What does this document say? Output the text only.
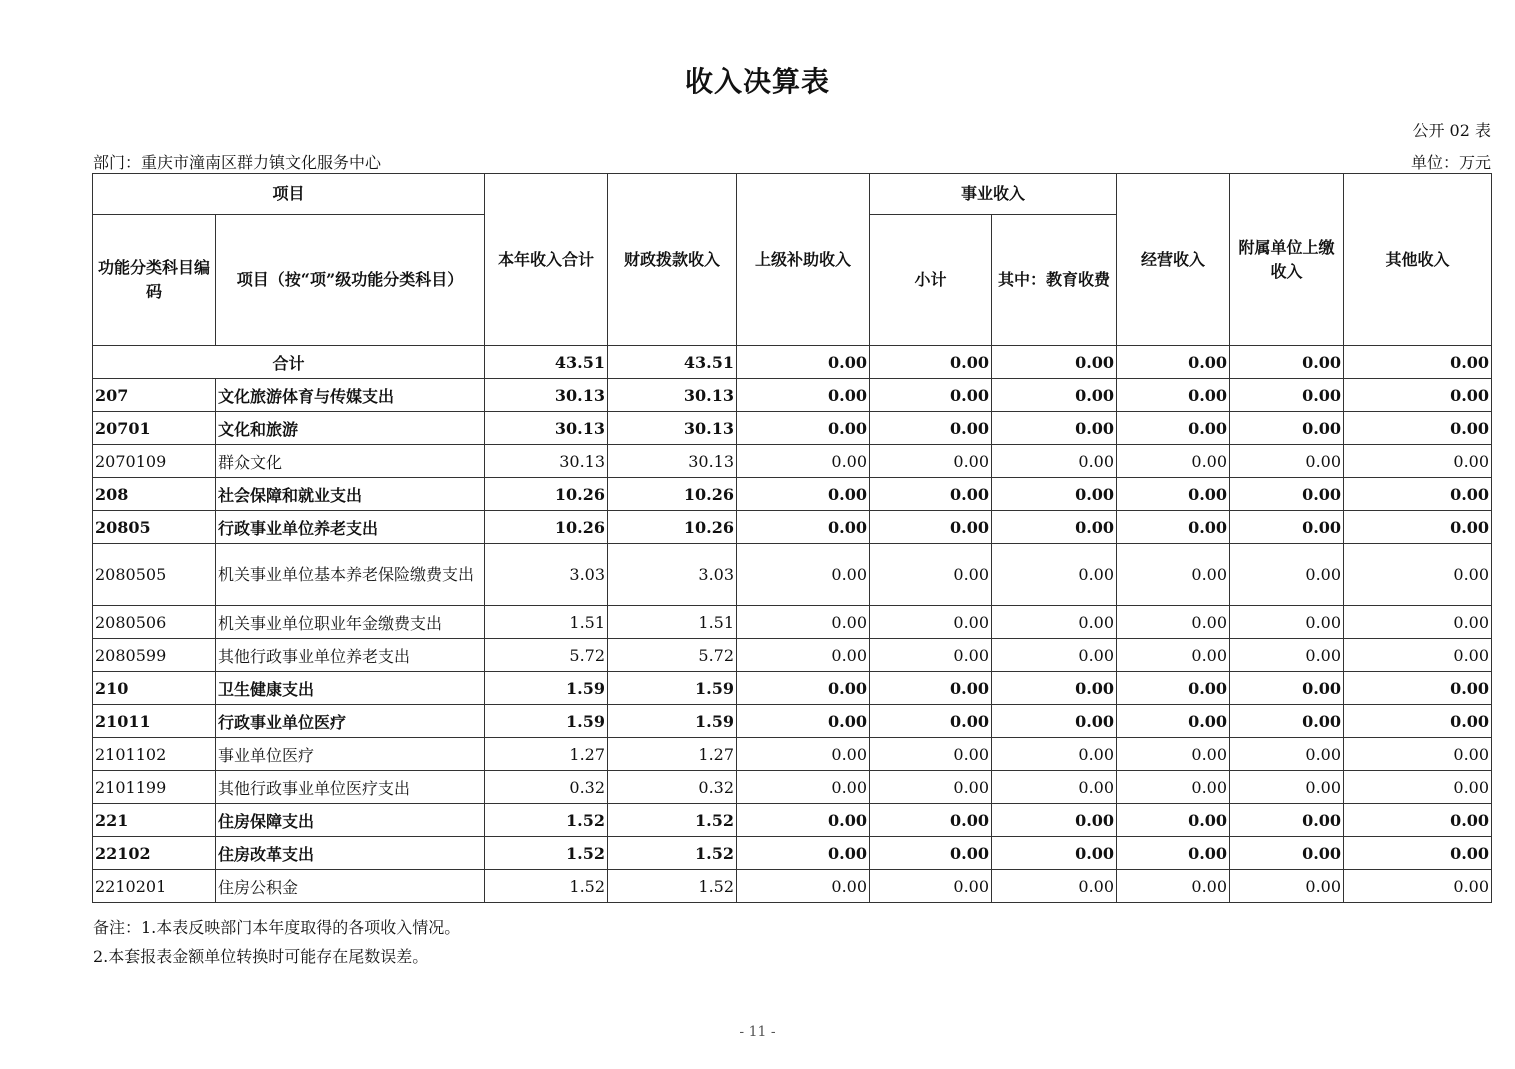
收入决算表
公开 02 表
部门：重庆市潼南区群力镇文化服务中心	单位：万元
项目		本年收入合计	财政拨款收入	上级补助收入	事业收入		经营收入	附属单位上缴收入	其他收入
功能分类科目编码	项目（按“项”级功能分类科目）				小计	其中：教育收费			
合计		43.51	43.51	0.00	0.00	0.00	0.00	0.00	0.00
207	文化旅游体育与传媒支出	30.13	30.13	0.00	0.00	0.00	0.00	0.00	0.00
20701	文化和旅游	30.13	30.13	0.00	0.00	0.00	0.00	0.00	0.00
2070109	群众文化	30.13	30.13	0.00	0.00	0.00	0.00	0.00	0.00
208	社会保障和就业支出	10.26	10.26	0.00	0.00	0.00	0.00	0.00	0.00
20805	行政事业单位养老支出	10.26	10.26	0.00	0.00	0.00	0.00	0.00	0.00
2080505	机关事业单位基本养老保险缴费支出	3.03	3.03	0.00	0.00	0.00	0.00	0.00	0.00
2080506	机关事业单位职业年金缴费支出	1.51	1.51	0.00	0.00	0.00	0.00	0.00	0.00
2080599	其他行政事业单位养老支出	5.72	5.72	0.00	0.00	0.00	0.00	0.00	0.00
210	卫生健康支出	1.59	1.59	0.00	0.00	0.00	0.00	0.00	0.00
21011	行政事业单位医疗	1.59	1.59	0.00	0.00	0.00	0.00	0.00	0.00
2101102	事业单位医疗	1.27	1.27	0.00	0.00	0.00	0.00	0.00	0.00
2101199	其他行政事业单位医疗支出	0.32	0.32	0.00	0.00	0.00	0.00	0.00	0.00
221	住房保障支出	1.52	1.52	0.00	0.00	0.00	0.00	0.00	0.00
22102	住房改革支出	1.52	1.52	0.00	0.00	0.00	0.00	0.00	0.00
2210201	住房公积金	1.52	1.52	0.00	0.00	0.00	0.00	0.00	0.00
备注：1.本表反映部门本年度取得的各项收入情况。
2.本套报表金额单位转换时可能存在尾数误差。
- 11 -
